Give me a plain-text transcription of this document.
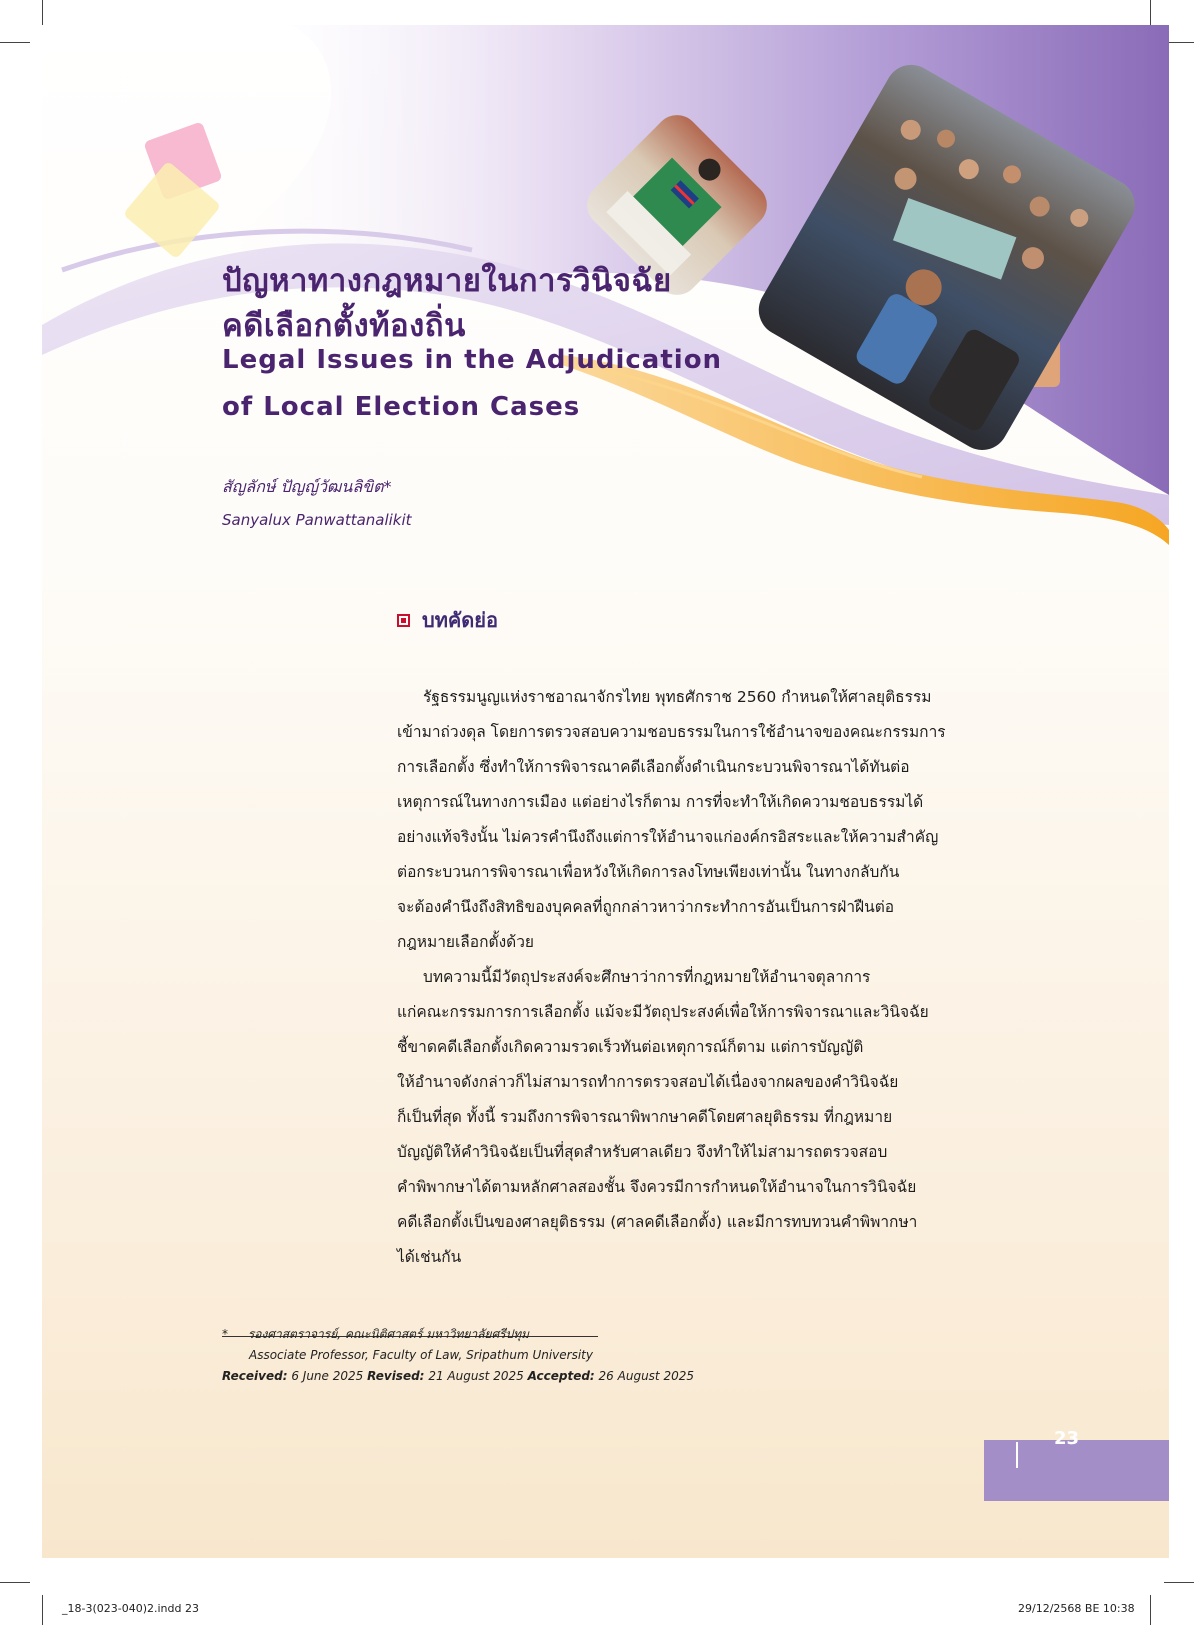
ปัญหาทางกฎหมายในการวินิจฉัย
คดีเลือกตั้งท้องถิ่น
Legal Issues in the Adjudication
of Local Election Cases
สัญลักษ์ ปัญญ์วัฒนลิขิต*
Sanyalux Panwattanalikit
บทคัดย่อ
รัฐธรรมนูญแห่งราชอาณาจักรไทย พุทธศักราช 2560 กำหนดให้ศาลยุติธรรม
เข้ามาถ่วงดุล โดยการตรวจสอบความชอบธรรมในการใช้อำนาจของคณะกรรมการ
การเลือกตั้ง ซึ่งทำให้การพิจารณาคดีเลือกตั้งดำเนินกระบวนพิจารณาได้ทันต่อ
เหตุการณ์ในทางการเมือง แต่อย่างไรก็ตาม การที่จะทำให้เกิดความชอบธรรมได้
อย่างแท้จริงนั้น ไม่ควรคำนึงถึงแต่การให้อำนาจแก่องค์กรอิสระและให้ความสำคัญ
ต่อกระบวนการพิจารณาเพื่อหวังให้เกิดการลงโทษเพียงเท่านั้น ในทางกลับกัน
จะต้องคำนึงถึงสิทธิของบุคคลที่ถูกกล่าวหาว่ากระทำการอันเป็นการฝ่าฝืนต่อ
กฎหมายเลือกตั้งด้วย
บทความนี้มีวัตถุประสงค์จะศึกษาว่าการที่กฎหมายให้อำนาจตุลาการ
แก่คณะกรรมการการเลือกตั้ง แม้จะมีวัตถุประสงค์เพื่อให้การพิจารณาและวินิจฉัย
ชี้ขาดคดีเลือกตั้งเกิดความรวดเร็วทันต่อเหตุการณ์ก็ตาม แต่การบัญญัติ
ให้อำนาจดังกล่าวก็ไม่สามารถทำการตรวจสอบได้เนื่องจากผลของคำวินิจฉัย
ก็เป็นที่สุด ทั้งนี้ รวมถึงการพิจารณาพิพากษาคดีโดยศาลยุติธรรม ที่กฎหมาย
บัญญัติให้คำวินิจฉัยเป็นที่สุดสำหรับศาลเดียว จึงทำให้ไม่สามารถตรวจสอบ
คำพิพากษาได้ตามหลักศาลสองชั้น จึงควรมีการกำหนดให้อำนาจในการวินิจฉัย
คดีเลือกตั้งเป็นของศาลยุติธรรม (ศาลคดีเลือกตั้ง) และมีการทบทวนคำพิพากษา
ได้เช่นกัน
* รองศาสตราจารย์, คณะนิติศาสตร์ มหาวิทยาลัยศรีปทุม
Associate Professor, Faculty of Law, Sripathum University
Received: 6 June 2025 Revised: 21 August 2025 Accepted: 26 August 2025
23
_18-3(023-040)2.indd 23	29/12/2568 BE 10:38
